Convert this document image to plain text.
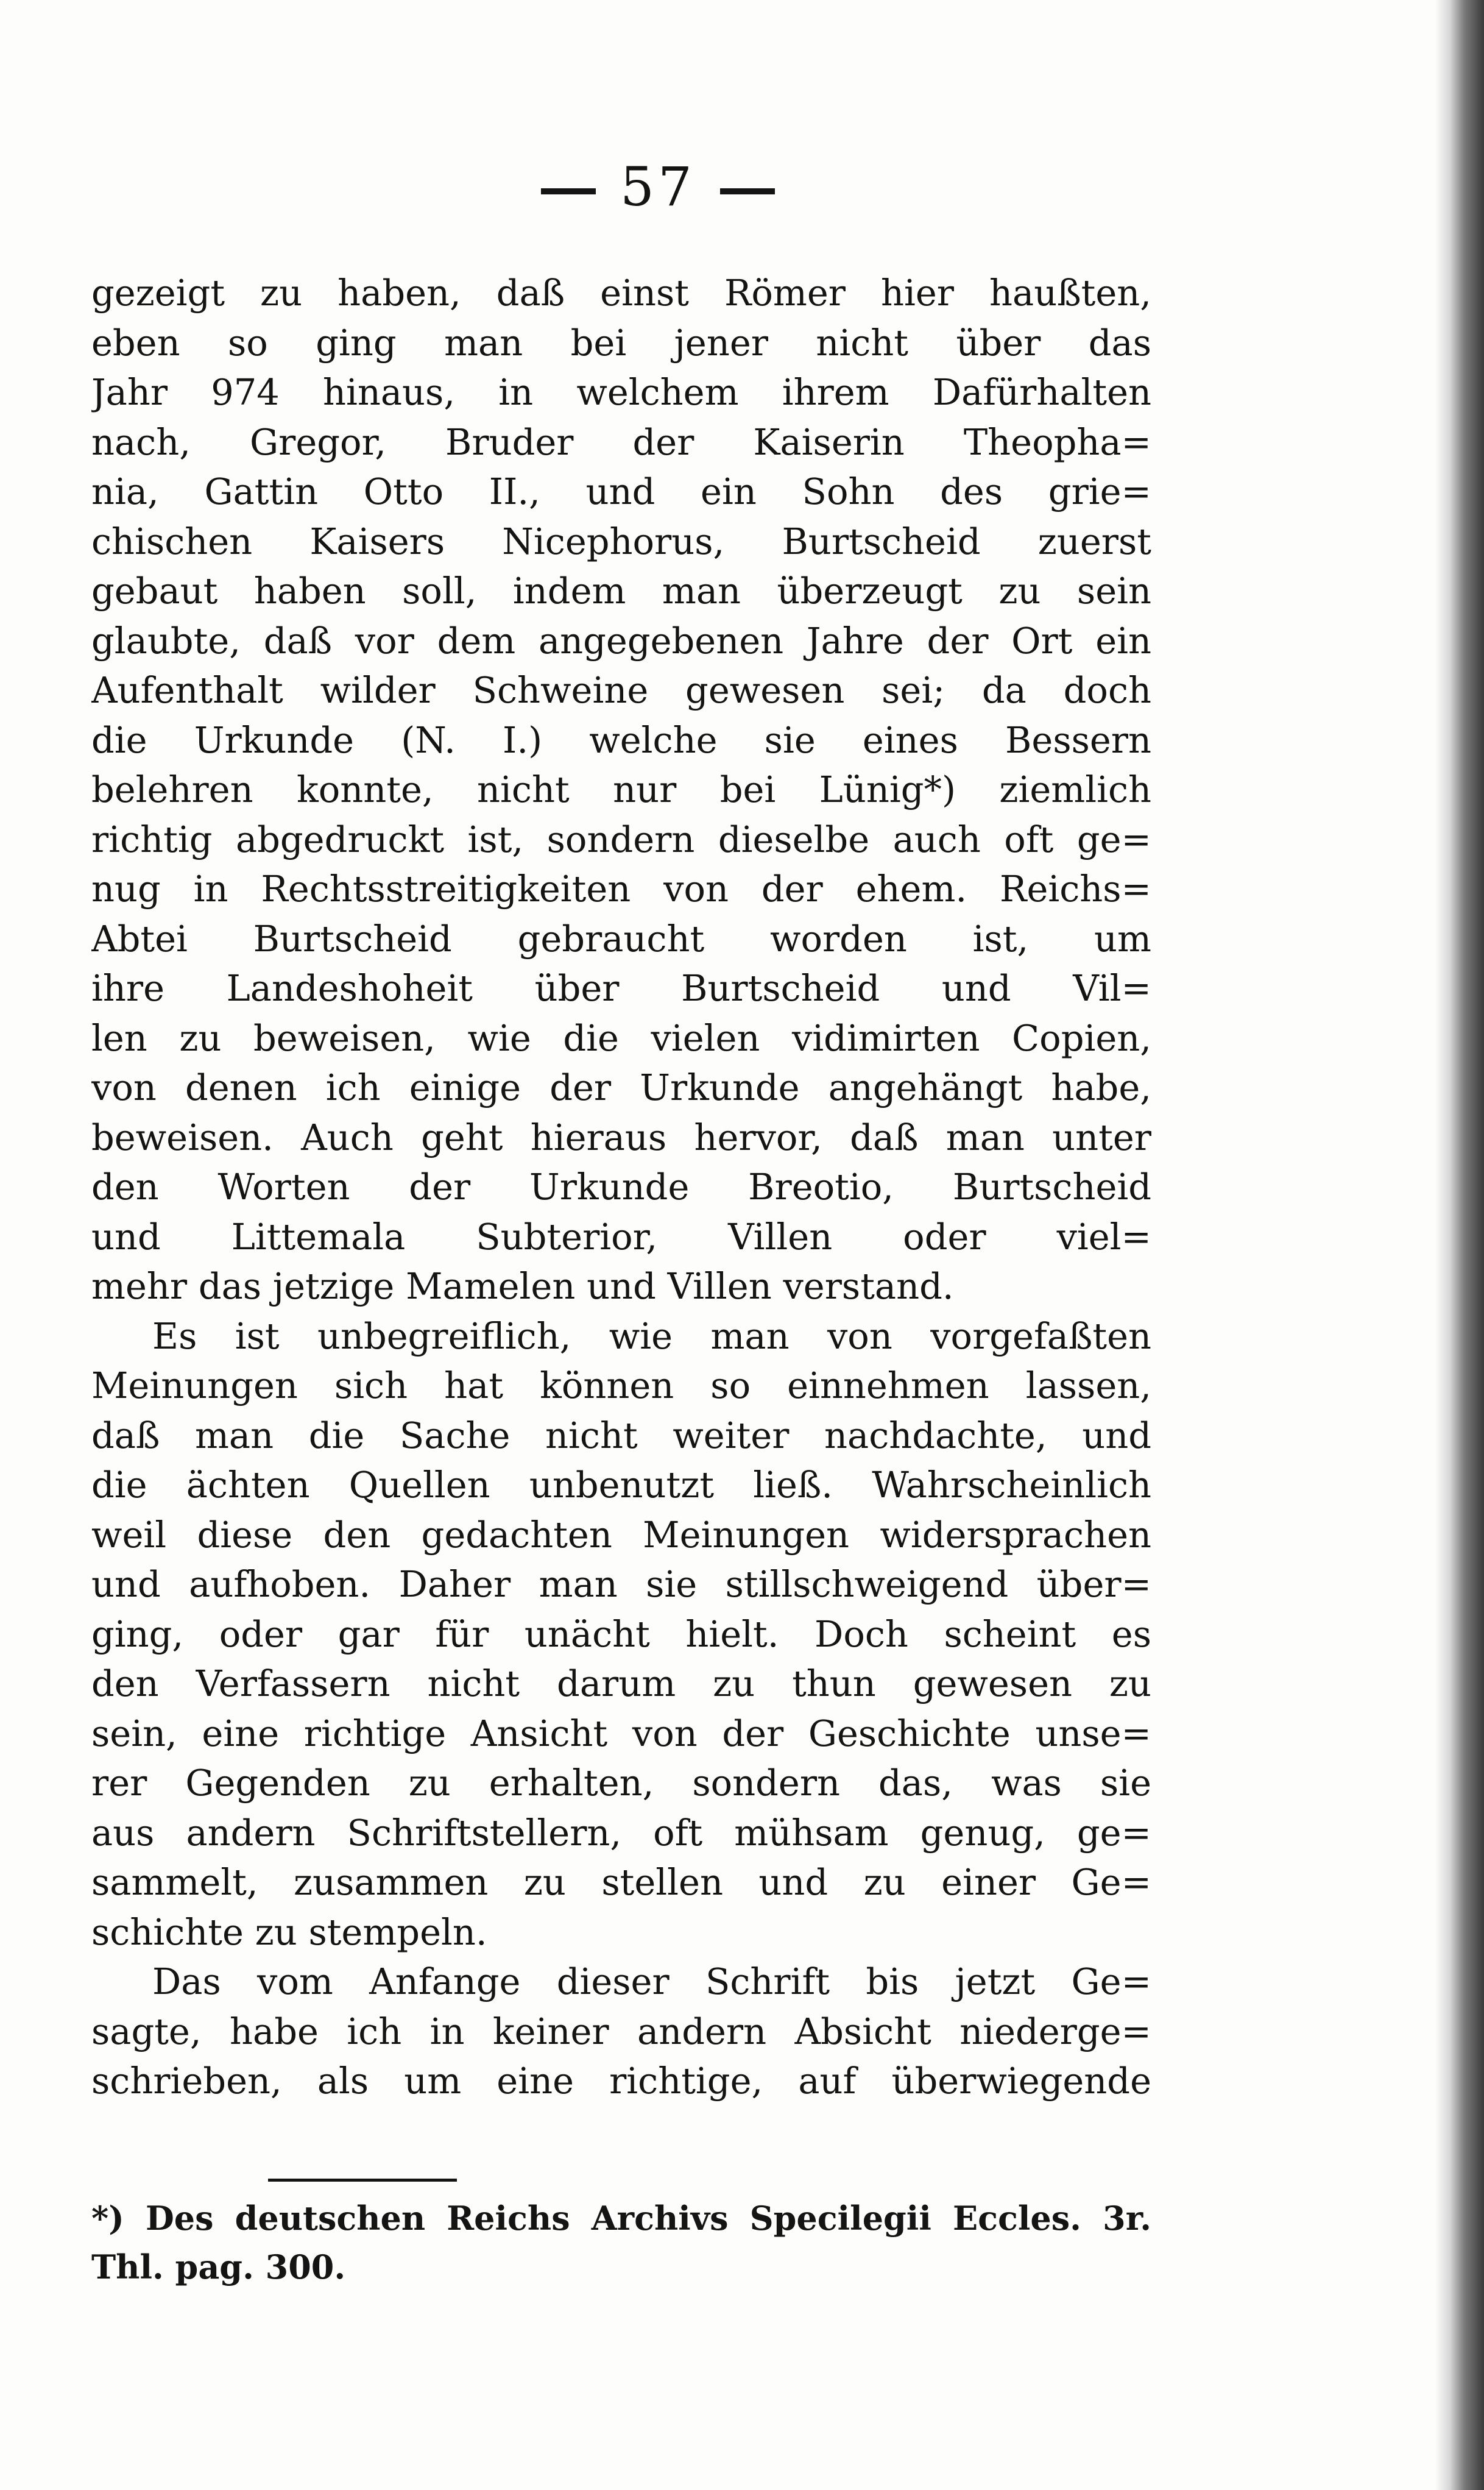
57
gezeigt zu haben, daß einst Römer hier haußten,
eben so ging man bei jener nicht über das
Jahr 974 hinaus, in welchem ihrem Dafürhalten
nach, Gregor, Bruder der Kaiserin Theopha=
nia, Gattin Otto II., und ein Sohn des grie=
chischen Kaisers Nicephorus, Burtscheid zuerst
gebaut haben soll, indem man überzeugt zu sein
glaubte, daß vor dem angegebenen Jahre der Ort ein
Aufenthalt wilder Schweine gewesen sei; da doch
die Urkunde (N. I.) welche sie eines Bessern
belehren konnte, nicht nur bei Lünig*) ziemlich
richtig abgedruckt ist, sondern dieselbe auch oft ge=
nug in Rechtsstreitigkeiten von der ehem. Reichs=
Abtei Burtscheid gebraucht worden ist, um
ihre Landeshoheit über Burtscheid und Vil=
len zu beweisen, wie die vielen vidimirten Copien,
von denen ich einige der Urkunde angehängt habe,
beweisen. Auch geht hieraus hervor, daß man unter
den Worten der Urkunde Breotio, Burtscheid
und Littemala Subterior, Villen oder viel=
mehr das jetzige Mamelen und Villen verstand.
Es ist unbegreiflich, wie man von vorgefaßten
Meinungen sich hat können so einnehmen lassen,
daß man die Sache nicht weiter nachdachte, und
die ächten Quellen unbenutzt ließ. Wahrscheinlich
weil diese den gedachten Meinungen widersprachen
und aufhoben. Daher man sie stillschweigend über=
ging, oder gar für unächt hielt. Doch scheint es
den Verfassern nicht darum zu thun gewesen zu
sein, eine richtige Ansicht von der Geschichte unse=
rer Gegenden zu erhalten, sondern das, was sie
aus andern Schriftstellern, oft mühsam genug, ge=
sammelt, zusammen zu stellen und zu einer Ge=
schichte zu stempeln.
Das vom Anfange dieser Schrift bis jetzt Ge=
sagte, habe ich in keiner andern Absicht niederge=
schrieben, als um eine richtige, auf überwiegende
*) Des deutschen Reichs Archivs Specilegii Eccles. 3r.
Thl. pag. 300.
